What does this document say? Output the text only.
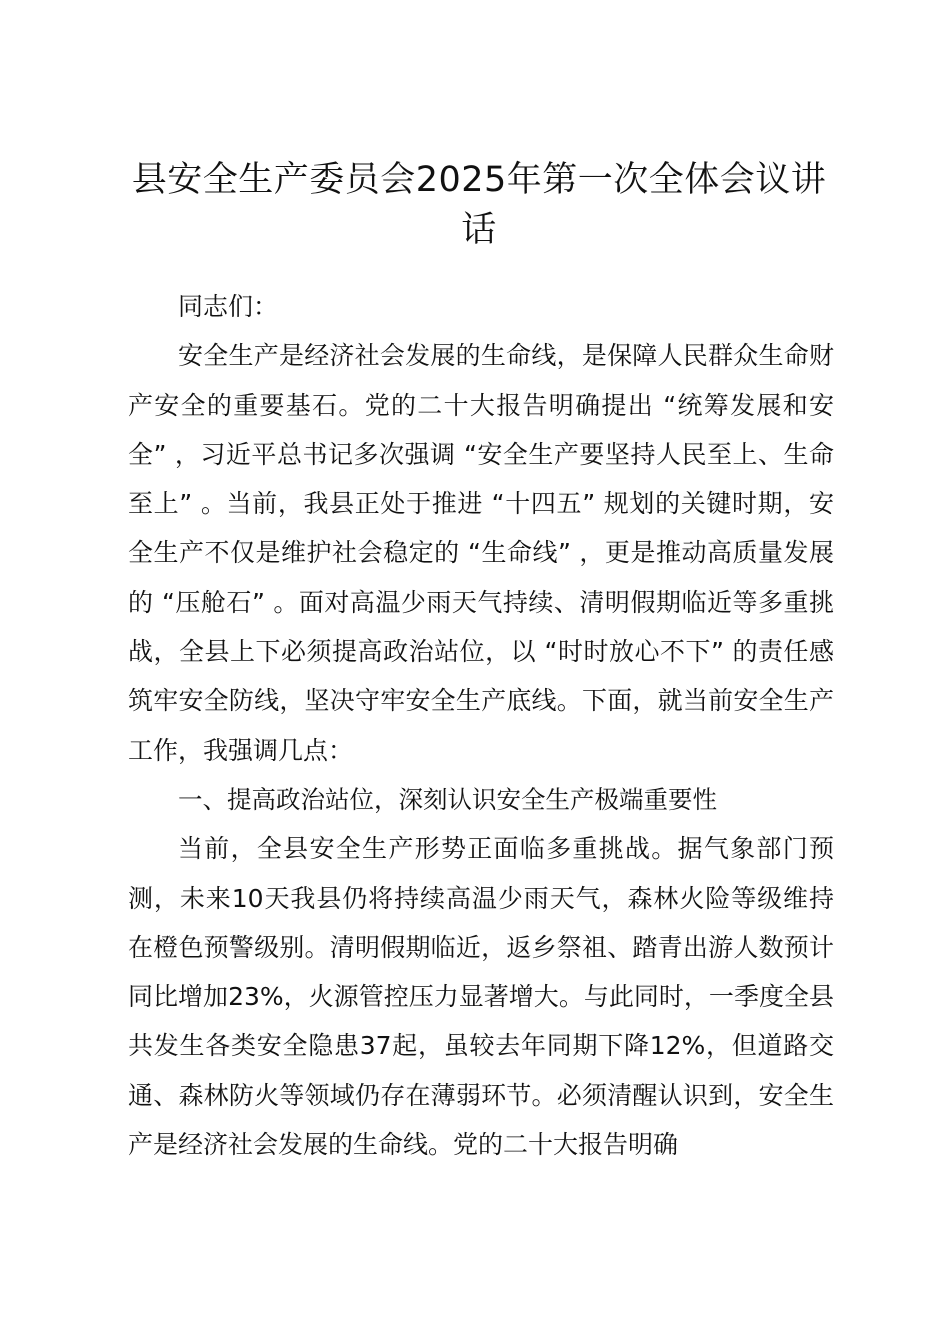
县安全生产委员会2025年第一次全体会议讲话

同志们：

安全生产是经济社会发展的生命线，是保障人民群众生命财产安全的重要基石。党的二十大报告明确提出 “统筹发展和安全” ，习近平总书记多次强调 “安全生产要坚持人民至上、生命至上” 。当前，我县正处于推进 “十四五” 规划的关键时期，安全生产不仅是维护社会稳定的 “生命线” ，更是推动高质量发展的 “压舱石” 。面对高温少雨天气持续、清明假期临近等多重挑战，全县上下必须提高政治站位，以 “时时放心不下” 的责任感筑牢安全防线，坚决守牢安全生产底线。下面，就当前安全生产工作，我强调几点：

一、提高政治站位，深刻认识安全生产极端重要性

当前，全县安全生产形势正面临多重挑战。据气象部门预测，未来10天我县仍将持续高温少雨天气，森林火险等级维持在橙色预警级别。清明假期临近，返乡祭祖、踏青出游人数预计同比增加23%，火源管控压力显著增大。与此同时，一季度全县共发生各类安全隐患37起，虽较去年同期下降12%，但道路交通、森林防火等领域仍存在薄弱环节。必须清醒认识到，安全生产是经济社会发展的生命线。党的二十大报告明确
